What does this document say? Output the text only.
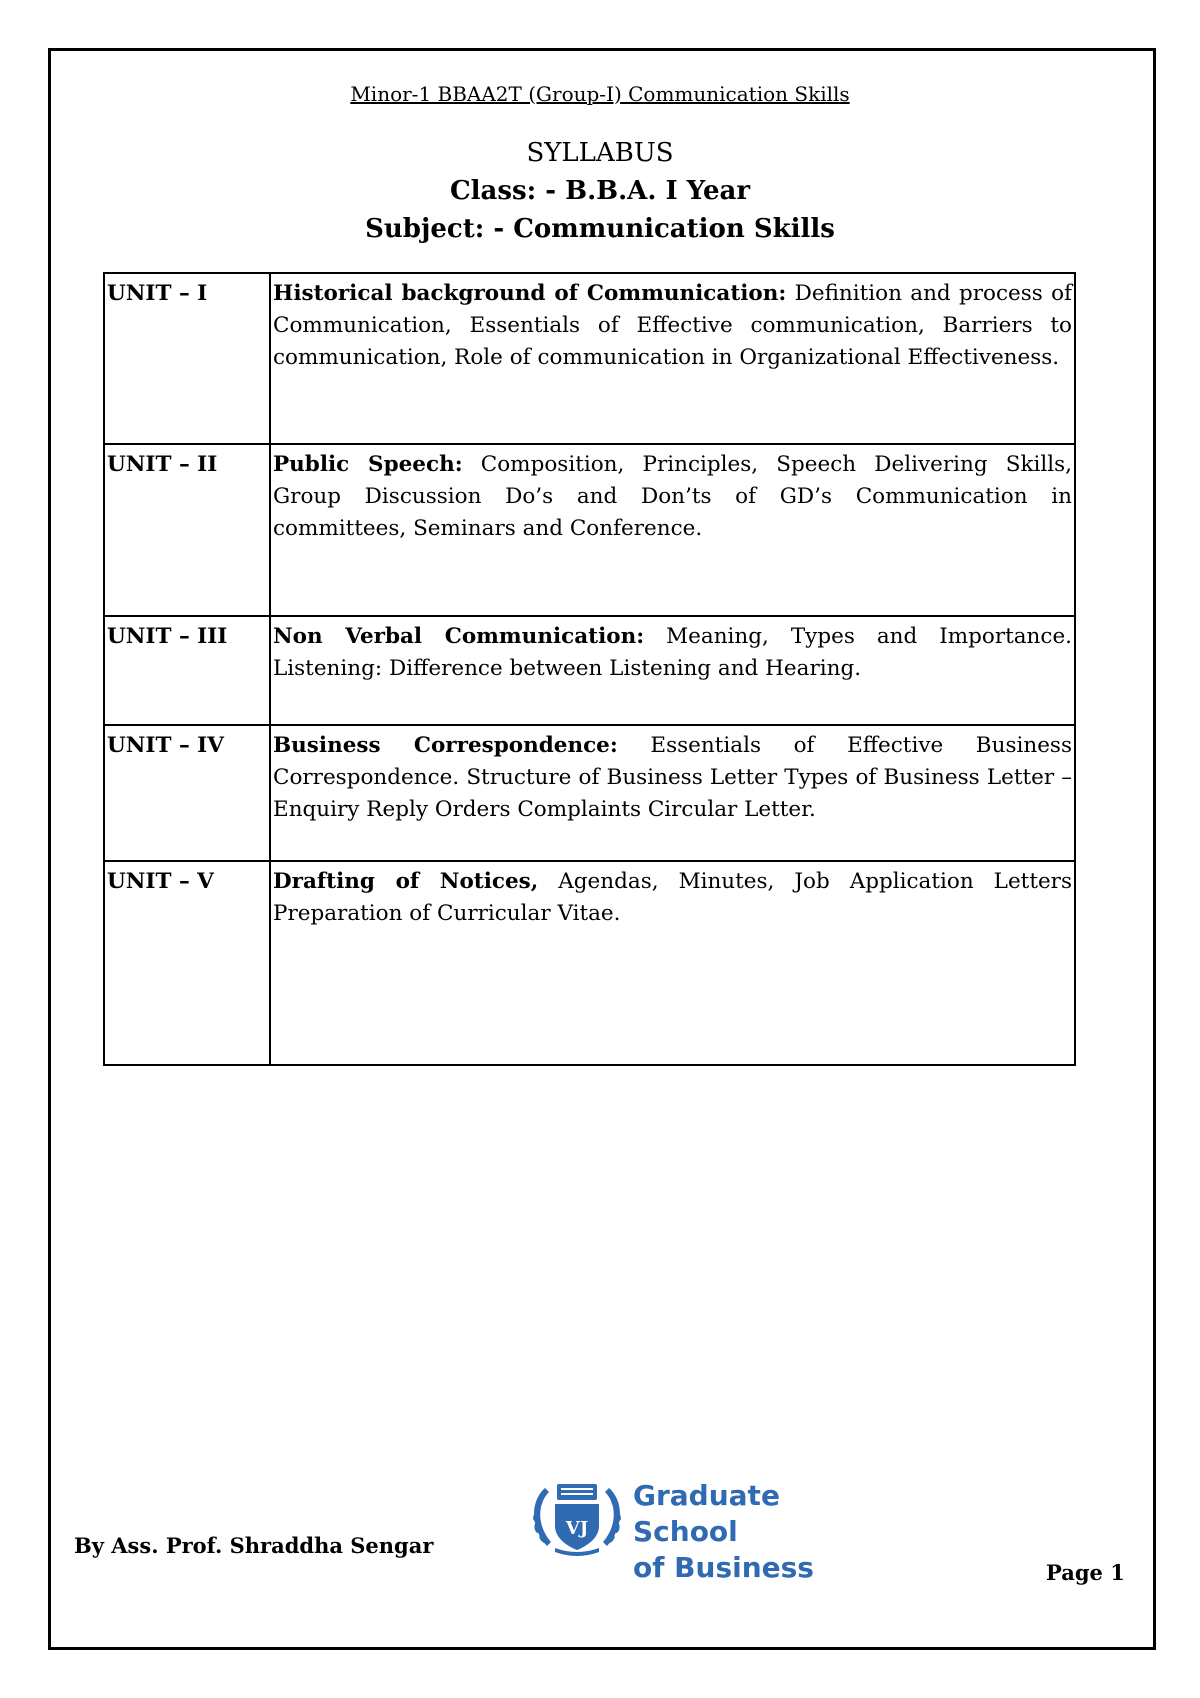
Minor-1 BBAA2T (Group-I) Communication Skills
SYLLABUS
Class: - B.B.A. I Year
Subject: - Communication Skills
UNIT – I	Historical background of Communication: Definition and process of Communication, Essentials of Effective communication, Barriers to communication, Role of communication in Organizational Effectiveness.
UNIT – II	Public Speech: Composition, Principles, Speech Delivering Skills, Group Discussion Do’s and Don’ts of GD’s Communication in committees, Seminars and Conference.
UNIT – III	Non Verbal Communication: Meaning, Types and Importance. Listening: Difference between Listening and Hearing.
UNIT – IV	Business Correspondence: Essentials of Effective Business Correspondence. Structure of Business Letter Types of Business Letter – Enquiry Reply Orders Complaints Circular Letter.
UNIT – V	Drafting of Notices, Agendas, Minutes, Job Application Letters Preparation of Curricular Vitae.
By Ass. Prof. Shraddha Sengar
VJ
Graduate School
of Business	Page 1
